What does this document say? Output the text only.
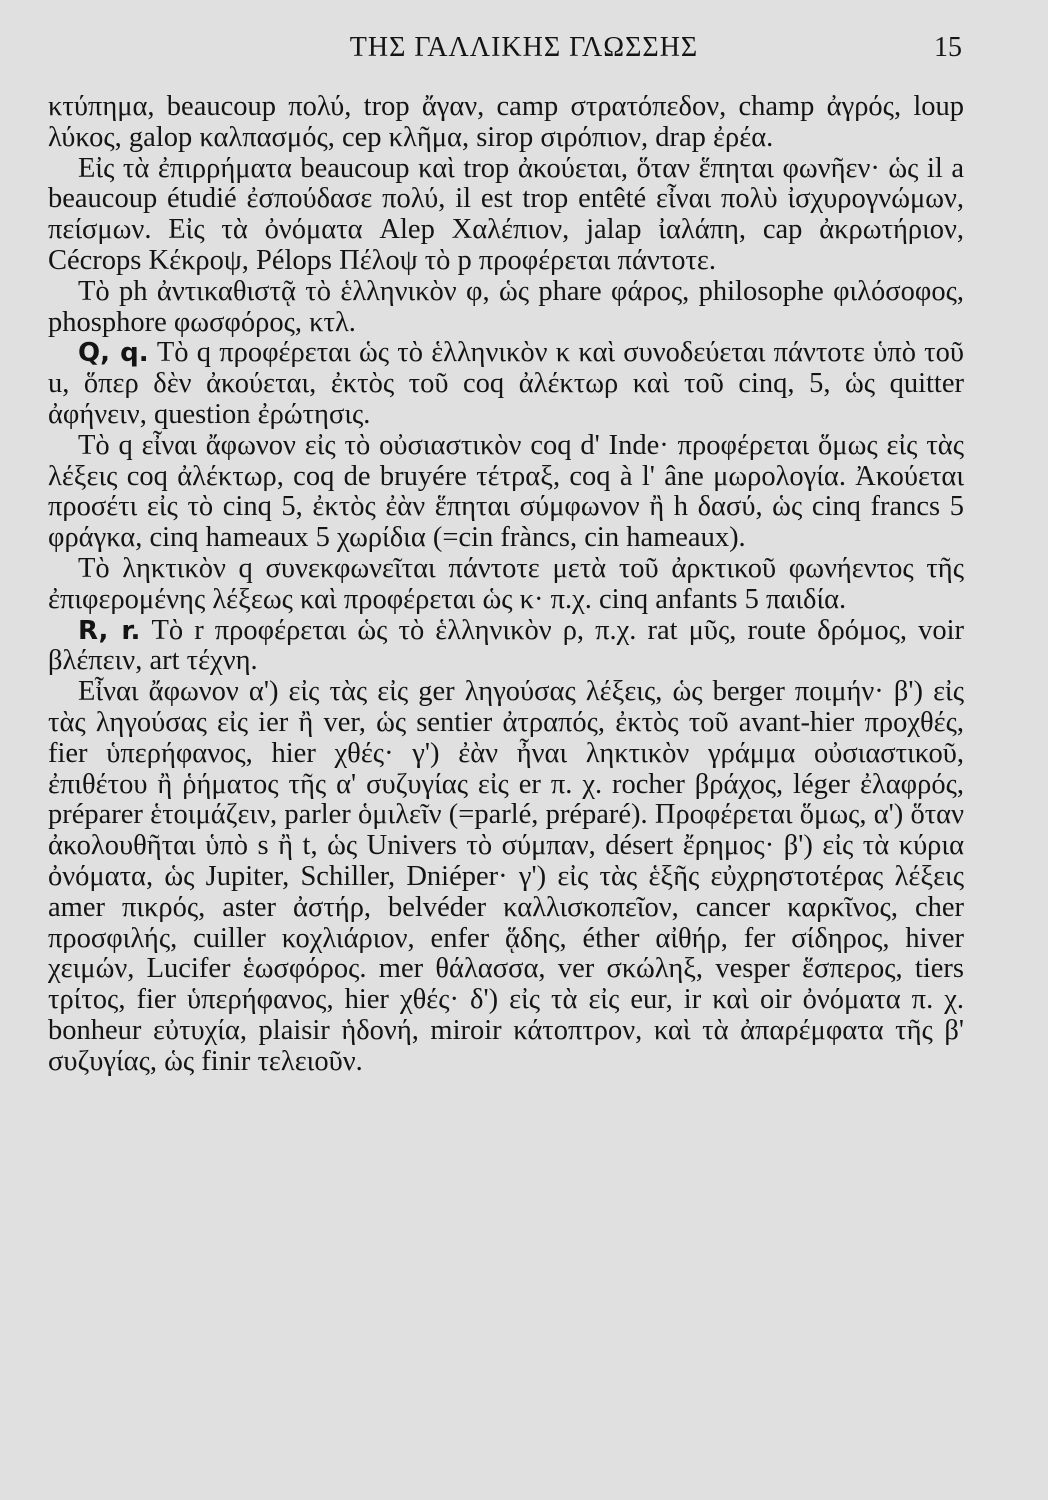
ΤΗΣ ΓΑΛΛΙΚΗΣ ΓΛΩΣΣΗΣ	15

κτύπημα, beaucoup πολύ, trop ἄγαν, camp στρατόπεδον, champ ἀγρός, loup λύκος, galop καλπασμός, cep κλῆμα, sirop σιρόπιον, drap ἐρέα.

Εἰς τὰ ἐπιρρήματα beaucoup καὶ trop ἀκούεται, ὅταν ἕπηται φωνῆεν· ὡς il a beaucoup étudié ἐσπούδασε πολύ, il est trop entêté εἶναι πολὺ ἰσχυρογνώμων, πείσμων. Εἰς τὰ ὀνόματα Alep Χαλέπιον, jalap ἰαλάπη, cap ἀκρωτήριον, Cécrops Κέκροψ, Pélops Πέλοψ τὸ p προφέρεται πάντοτε.

Τὸ ph ἀντικαθιστᾷ τὸ ἑλληνικὸν φ, ὡς phare φάρος, philosophe φιλόσοφος, phosphore φωσφόρος, κτλ.

Q, q. Τὸ q προφέρεται ὡς τὸ ἑλληνικὸν κ καὶ συνοδεύεται πάντοτε ὑπὸ τοῦ u, ὅπερ δὲν ἀκούεται, ἐκτὸς τοῦ coq ἀλέκτωρ καὶ τοῦ cinq, 5, ὡς quitter ἀφήνειν, question ἐρώτησις.

Τὸ q εἶναι ἄφωνον εἰς τὸ οὐσιαστικὸν coq d' Inde· προφέρεται ὅμως εἰς τὰς λέξεις coq ἀλέκτωρ, coq de bruyére τέτραξ, coq à l' âne μωρολογία. Ἀκούεται προσέτι εἰς τὸ cinq 5, ἐκτὸς ἐὰν ἕπηται σύμφωνον ἢ h δασύ, ὡς cinq francs 5 φράγκα, cinq hameaux 5 χωρίδια (=cin fràncs, cin hameaux).

Τὸ ληκτικὸν q συνεκφωνεῖται πάντοτε μετὰ τοῦ ἀρκτικοῦ φωνήεντος τῆς ἐπιφερομένης λέξεως καὶ προφέρεται ὡς κ· π.χ. cinq anfants 5 παιδία.

R, r. Τὸ r προφέρεται ὡς τὸ ἑλληνικὸν ρ, π.χ. rat μῦς, route δρόμος, voir βλέπειν, art τέχνη.

Εἶναι ἄφωνον α') εἰς τὰς εἰς ger ληγούσας λέξεις, ὡς berger ποιμήν· β') εἰς τὰς ληγούσας εἰς ier ἢ ver, ὡς sentier ἀτραπός, ἐκτὸς τοῦ avant-hier προχθές, fier ὑπερήφανος, hier χθές· γ') ἐὰν ἦναι ληκτικὸν γράμμα οὐσιαστικοῦ, ἐπιθέτου ἢ ῥήματος τῆς α' συζυγίας εἰς er π. χ. rocher βράχος, léger ἐλαφρός, préparer ἑτοιμάζειν, parler ὁμιλεῖν (=parlé, préparé). Προφέρεται ὅμως, α') ὅταν ἀκολουθῆται ὑπὸ s ἢ t, ὡς Univers τὸ σύμπαν, désert ἔρημος· β') εἰς τὰ κύρια ὀνόματα, ὡς Jupiter, Schiller, Dniéper· γ') εἰς τὰς ἑξῆς εὐχρηστοτέρας λέξεις amer πικρός, aster ἀστήρ, belvéder καλλισκοπεῖον, cancer καρκῖνος, cher προσφιλής, cuiller κοχλιάριον, enfer ᾅδης, éther αἰθήρ, fer σίδηρος, hiver χειμών, Lucifer ἑωσφόρος. mer θάλασσα, ver σκώληξ, vesper ἕσπερος, tiers τρίτος, fier ὑπερήφανος, hier χθές· δ') εἰς τὰ εἰς eur, ir καὶ oir ὀνόματα π. χ. bonheur εὐτυχία, plaisir ἡδονή, miroir κάτοπτρον, καὶ τὰ ἀπαρέμφατα τῆς β' συζυγίας, ὡς finir τελειοῦν.
